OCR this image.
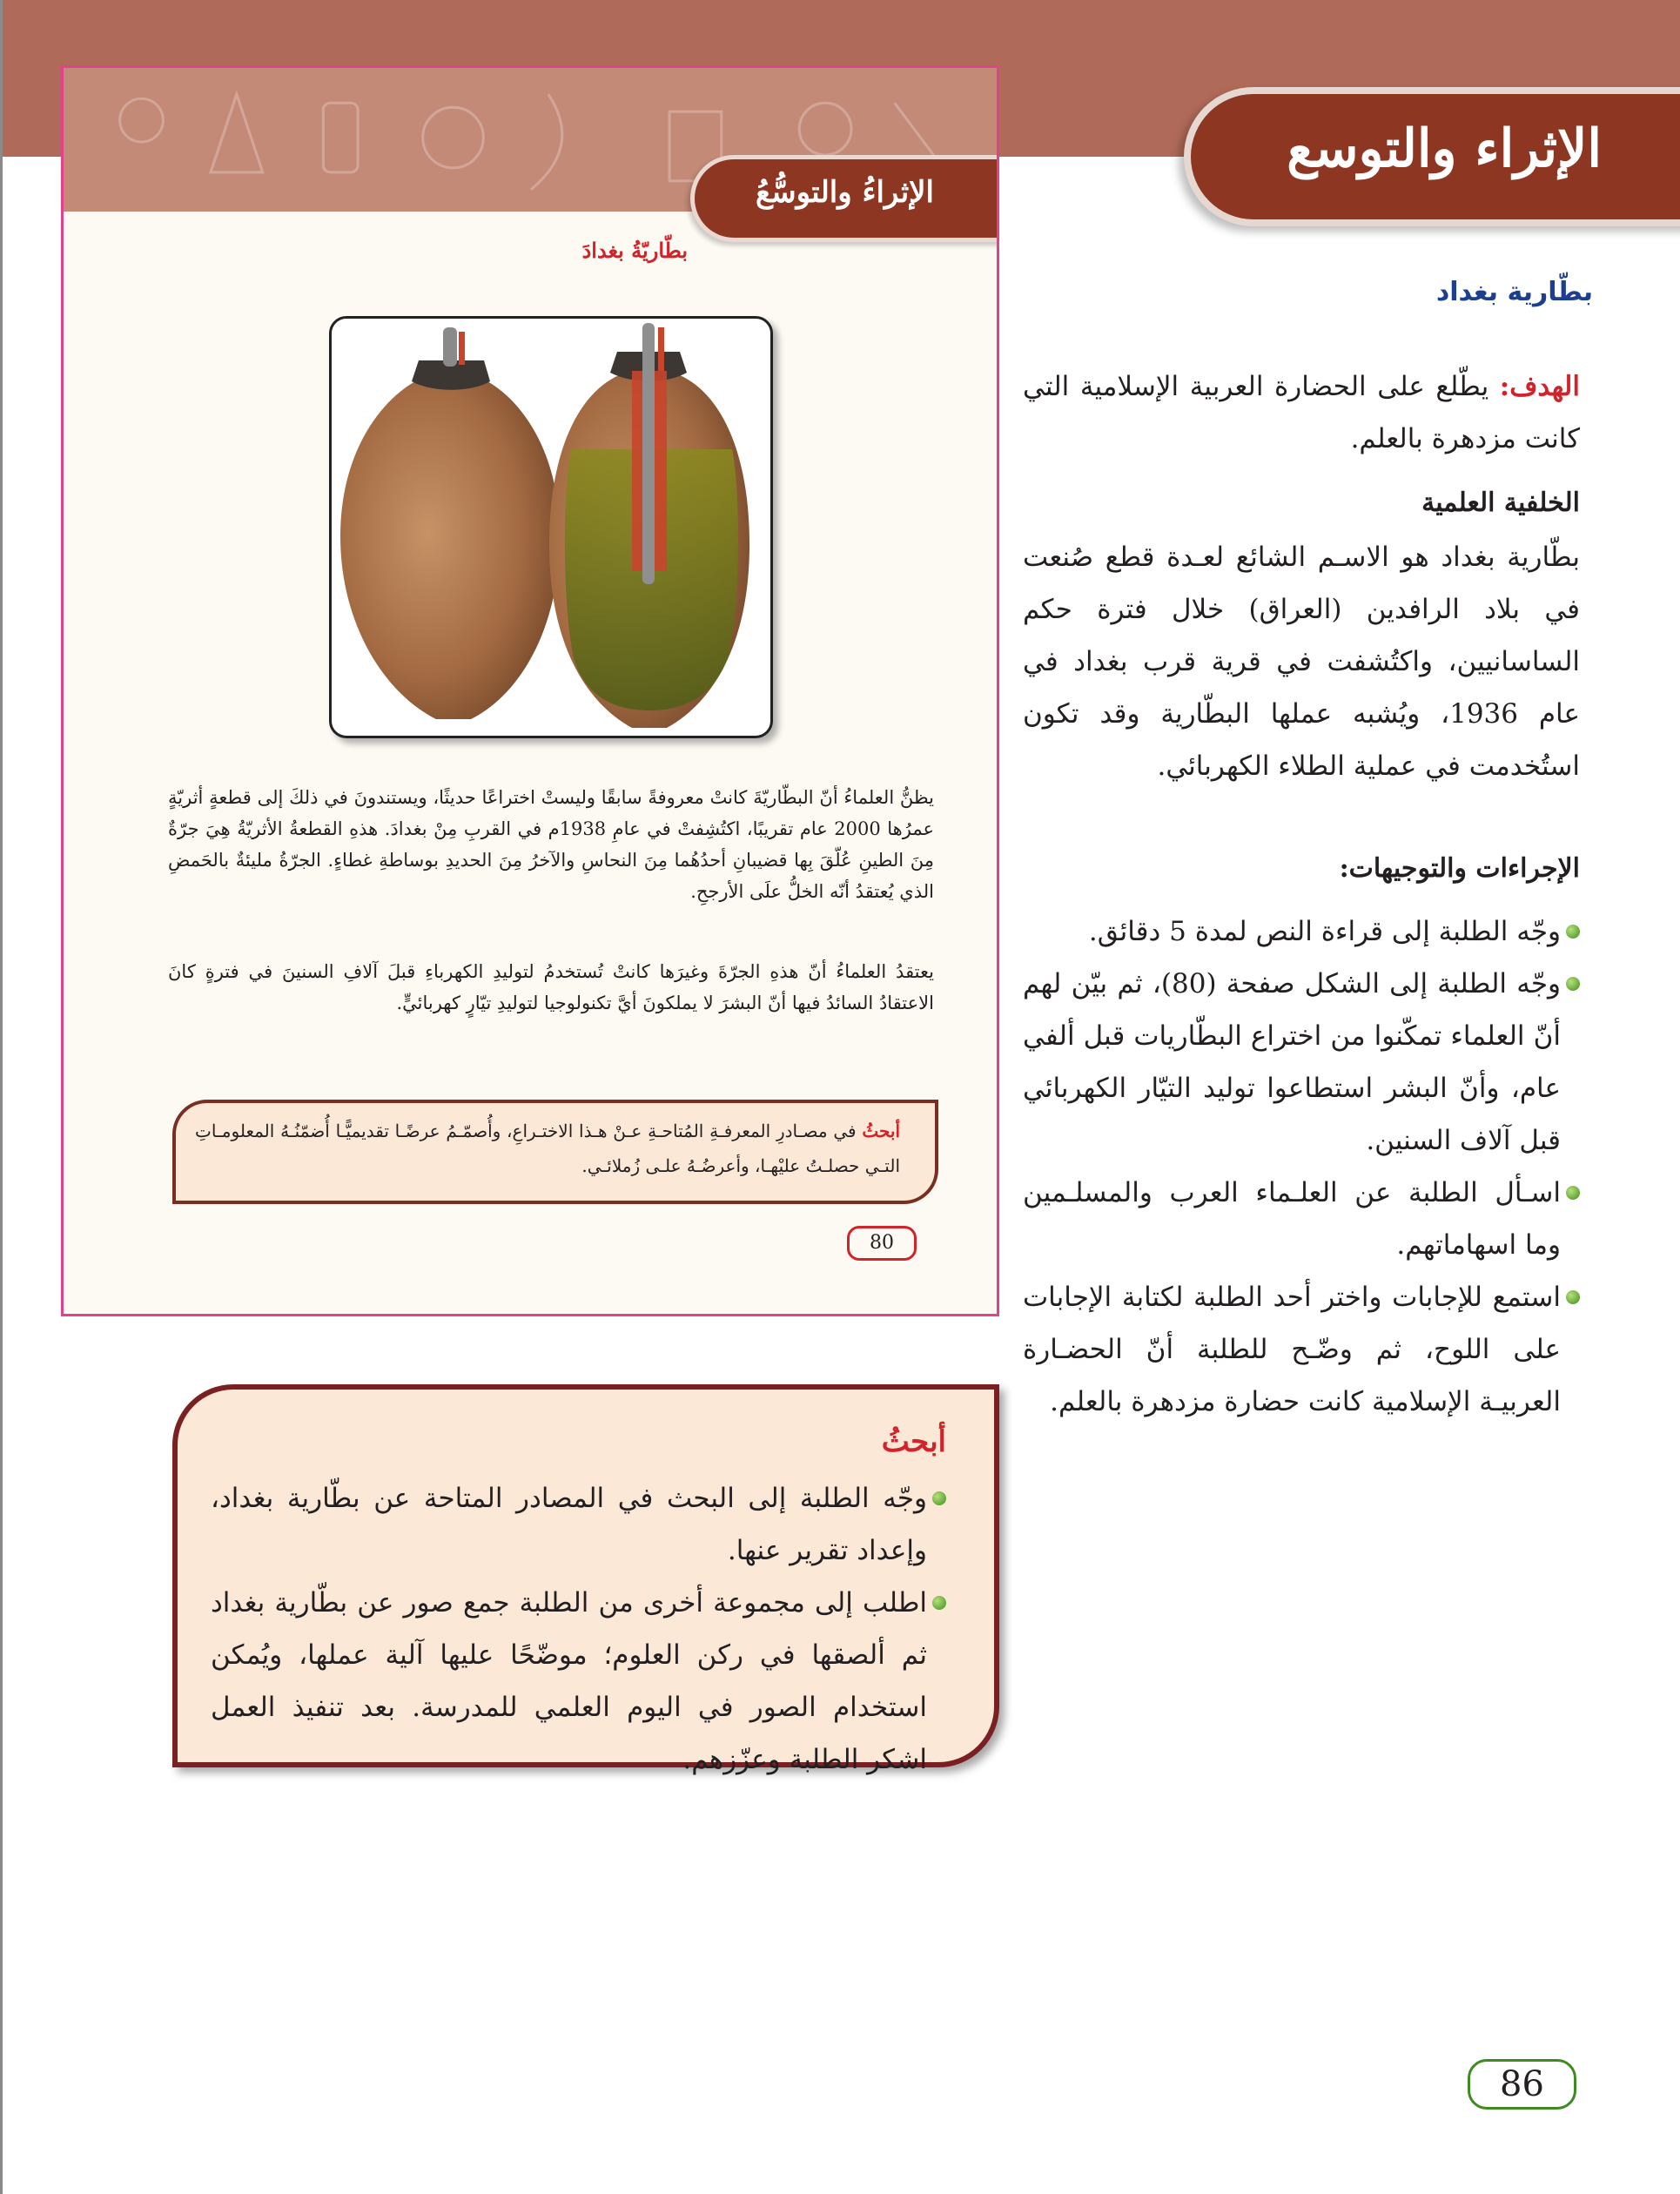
الإثراءُ والتوسُّعُ
بطّاريّةُ بغدادَ
يظنُّ العلماءُ أنّ البطّاريّةَ كانتْ معروفةً سابقًا وليستْ اختراعًا حديثًا، ويستندونَ في ذلكَ إلى قطعةٍ أثريّةٍ عمرُها 2000 عام تقريبًا، اكتُشِفتْ في عامِ 1938م في القربِ مِنْ بغدادَ. هذهِ القطعةُ الأثريّةُ هِيَ جرّةٌ مِنَ الطينِ عُلّقَ بِها قضيبانِ أحدُهُما مِنَ النحاسِ والآخرُ مِنَ الحديدِ بوساطةِ غطاءٍ. الجرّةُ مليئةٌ بالحَمضِ الذي يُعتقدُ أنّه الخلُّ علَى الأرجحِ.
يعتقدُ العلماءُ أنّ هذهِ الجرّةَ وغيرَها كانتْ تُستخدمُ لتوليدِ الكهرباءِ قبلَ آلافِ السنينَ في فترةٍ كانَ الاعتقادُ السائدُ فيها أنّ البشرَ لا يملكونَ أيَّ تكنولوجيا لتوليدِ تيّارٍ كهربائيٍّ.
أبحثُ في مصـادرِ المعرفـةِ المُتاحـةِ عـنْ هـذا الاختـراعِ، وأُصمّـمُ عرضًـا تقديميًّـا أُضمّنُـهُ المعلومـاتِ التـي حصلـتُ عليْهـا، وأعرضُـهُ علـى زُملائـي.
80
الإثراء والتوسع
بطّارية بغداد
الهدف: يطّلع على الحضارة العربية الإسلامية التي كانت مزدهرة بالعلم.
الخلفية العلمية
بطّارية بغداد هو الاسـم الشائع لعـدة قطع صُنعت في بلاد الرافدين (العراق) خلال فترة حكم الساسانيين، واكتُشفت في قرية قرب بغداد في عام 1936، ويُشبه عملها البطّارية وقد تكون استُخدمت في عملية الطلاء الكهربائي.
الإجراءات والتوجيهات:
وجّه الطلبة إلى قراءة النص لمدة 5 دقائق.
وجّه الطلبة إلى الشكل صفحة (80)، ثم بيّن لهم أنّ العلماء تمكّنوا من اختراع البطّاريات قبل ألفي عام، وأنّ البشر استطاعوا توليد التيّار الكهربائي قبل آلاف السنين.
اسـأل الطلبة عن العلـماء العرب والمسلـمين وما اسهاماتهم.
استمع للإجابات واختر أحد الطلبة لكتابة الإجابات على اللوح، ثم وضّـح للطلبة أنّ الحضـارة العربيـة الإسلامية كانت حضارة مزدهرة بالعلم.
أبحثُ
وجّه الطلبة إلى البحث في المصادر المتاحة عن بطّارية بغداد، وإعداد تقرير عنها.
اطلب إلى مجموعة أخرى من الطلبة جمع صور عن بطّارية بغداد ثم ألصقها في ركن العلوم؛ موضّحًا عليها آلية عملها، ويُمكن استخدام الصور في اليوم العلمي للمدرسة. بعد تنفيذ العمل اشكر الطلبة وعزّزهم.
86
